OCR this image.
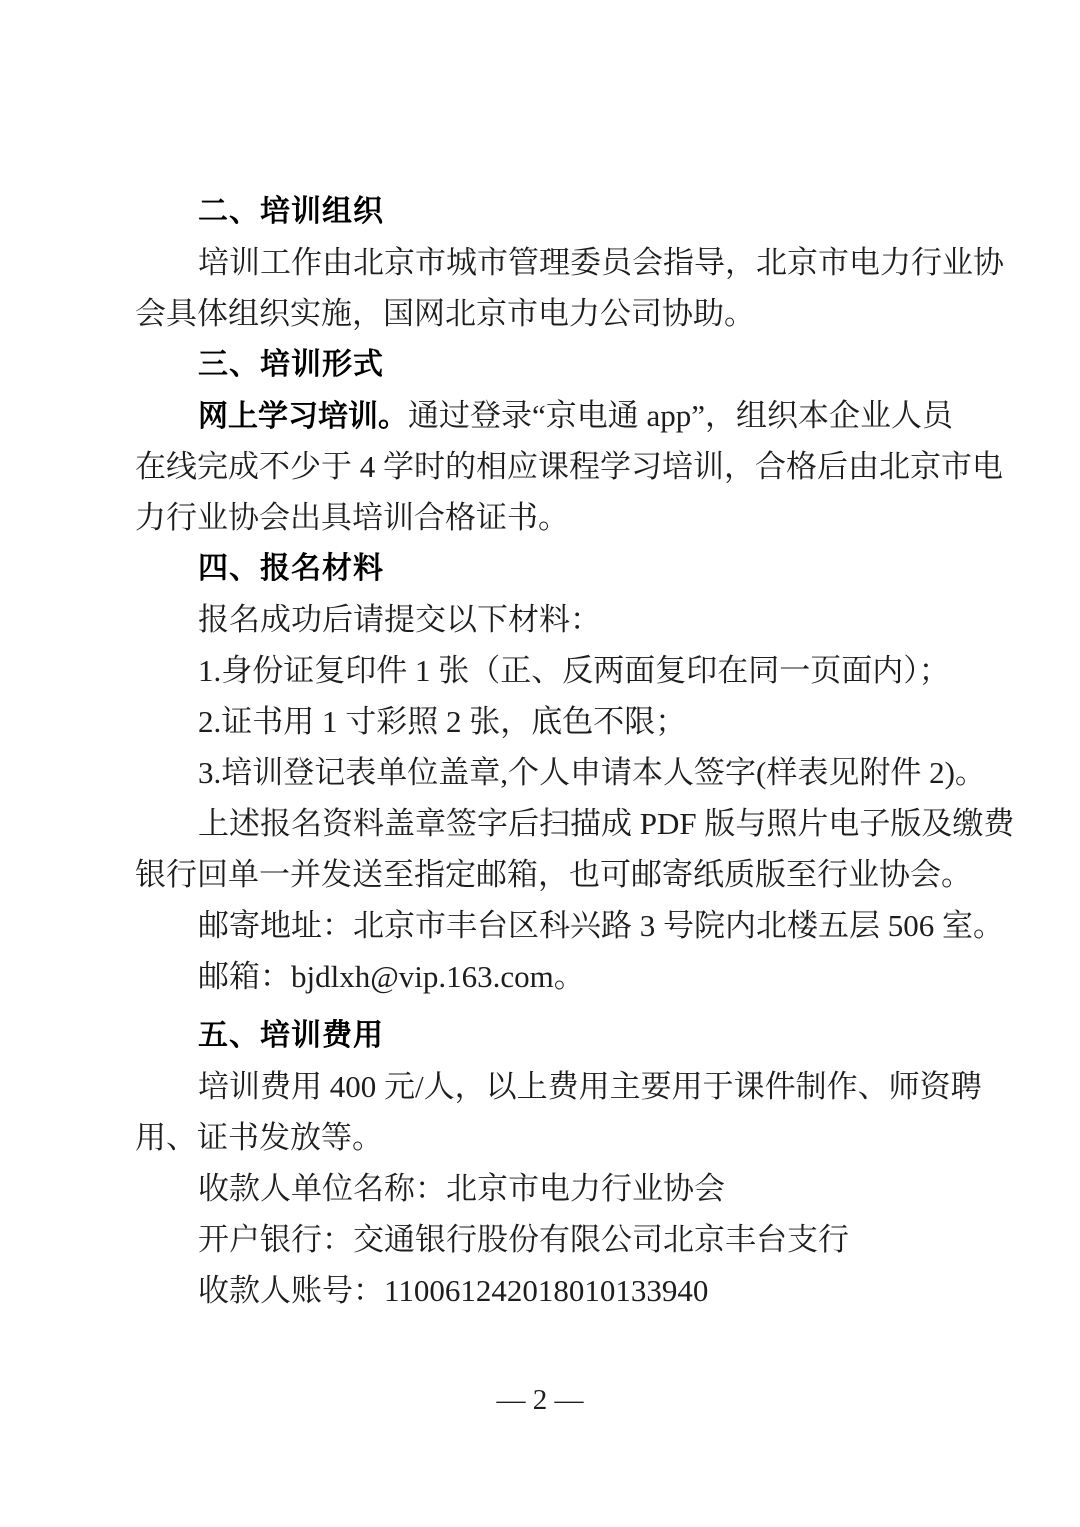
二、培训组织
培训工作由北京市城市管理委员会指导，北京市电力行业协
会具体组织实施，国网北京市电力公司协助。
三、培训形式
网上学习培训。通过登录“京电通 app”，组织本企业人员
在线完成不少于 4 学时的相应课程学习培训，合格后由北京市电
力行业协会出具培训合格证书。
四、报名材料
报名成功后请提交以下材料：
1.身份证复印件 1 张（正、反两面复印在同一页面内）；
2.证书用 1 寸彩照 2 张，底色不限；
3.培训登记表单位盖章,个人申请本人签字(样表见附件 2)。
上述报名资料盖章签字后扫描成 PDF 版与照片电子版及缴费
银行回单一并发送至指定邮箱，也可邮寄纸质版至行业协会。
邮寄地址：北京市丰台区科兴路 3 号院内北楼五层 506 室。
邮箱：bjdlxh@vip.163.com。
五、培训费用
培训费用 400 元/人，以上费用主要用于课件制作、师资聘
用、证书发放等。
收款人单位名称：北京市电力行业协会
开户银行：交通银行股份有限公司北京丰台支行
收款人账号：110061242018010133940
— 2 —
